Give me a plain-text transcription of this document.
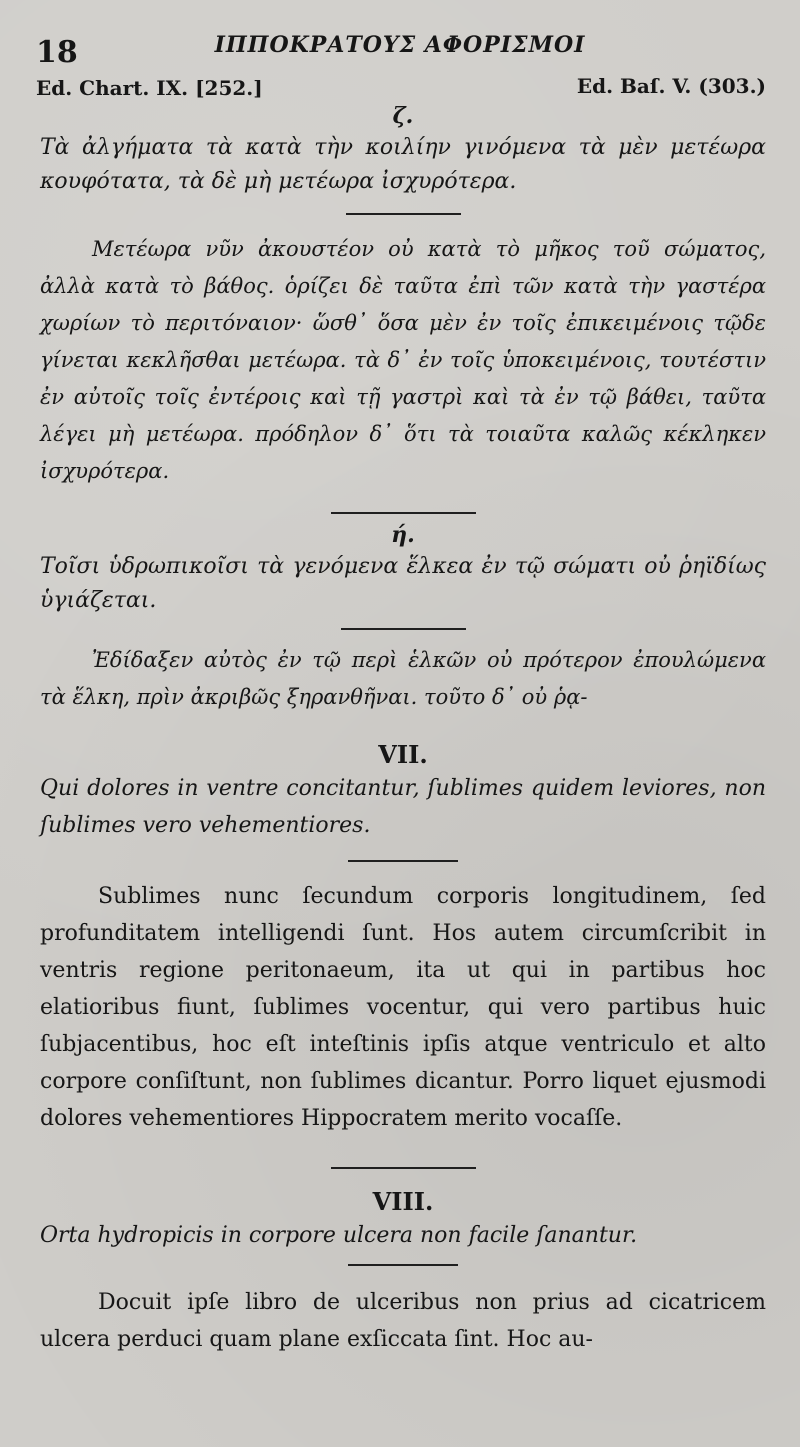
18	ΙΠΠΟΚΡΑΤΟΥΣ ΑΦΟΡΙΣΜΟΙ
Ed. Chart. IX. [252.]	Ed. Baſ. V. (303.)

ζ.

Τὰ ἀλγήματα τὰ κατὰ τὴν κοιλίην γινόμενα τὰ μὲν μετέωρα κουφότατα, τὰ δὲ μὴ μετέωρα ἰσχυρότερα.

Μετέωρα νῦν ἀκουστέον οὐ κατὰ τὸ μῆκος τοῦ σώματος, ἀλλὰ κατὰ τὸ βάθος. ὁρίζει δὲ ταῦτα ἐπὶ τῶν κατὰ τὴν γαστέρα χωρίων τὸ περιτόναιον· ὥσθ᾽ ὅσα μὲν ἐν τοῖς ἐπικειμένοις τῷδε γίνεται κεκλῆσθαι μετέωρα. τὰ δ᾽ ἐν τοῖς ὑποκειμένοις, τουτέστιν ἐν αὐτοῖς τοῖς ἐντέροις καὶ τῇ γαστρὶ καὶ τὰ ἐν τῷ βάθει, ταῦτα λέγει μὴ μετέωρα. πρόδηλον δ᾽ ὅτι τὰ τοιαῦτα καλῶς κέκληκεν ἰσχυρότερα.

ή.

Τοῖσι ὑδρωπικοῖσι τὰ γενόμενα ἕλκεα ἐν τῷ σώματι οὐ ῥηϊδίως ὑγιάζεται.

Ἐδίδαξεν αὐτὸς ἐν τῷ περὶ ἑλκῶν οὐ πρότερον ἐπουλώμενα τὰ ἕλκη, πρὶν ἀκριβῶς ξηρανθῆναι. τοῦτο δ᾽ οὐ ῥᾳ-

VII.

Qui dolores in ventre concitantur, ſublimes quidem leviores, non ſublimes vero vehementiores.

Sublimes nunc ſecundum corporis longitudinem, ſed profunditatem intelligendi ſunt. Hos autem circumſcribit in ventris regione peritonaeum, ita ut qui in partibus hoc elatioribus fiunt, ſublimes vocentur, qui vero partibus huic ſubjacentibus, hoc eſt inteſtinis ipſis atque ventriculo et alto corpore conſiſtunt, non ſublimes dicantur. Porro liquet ejusmodi dolores vehementiores Hippocratem merito vocaſſe.

VIII.

Orta hydropicis in corpore ulcera non facile ſanantur.

Docuit ipſe libro de ulceribus non prius ad cicatricem ulcera perduci quam plane exſiccata ſint. Hoc au-
